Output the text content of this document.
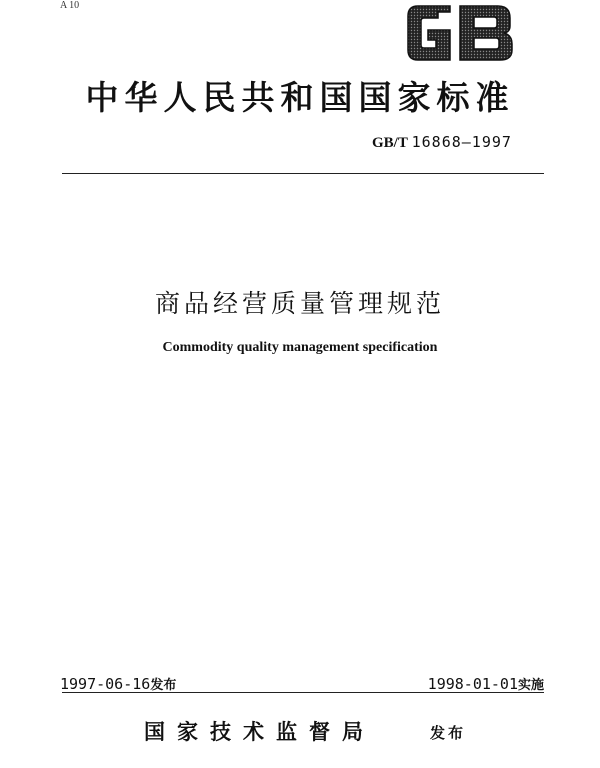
A 10
中华人民共和国国家标准
GB/T 16868—1997
商品经营质量管理规范
Commodity quality management specification
1997-06-16发布	1998-01-01实施
国家技术监督局	发布
